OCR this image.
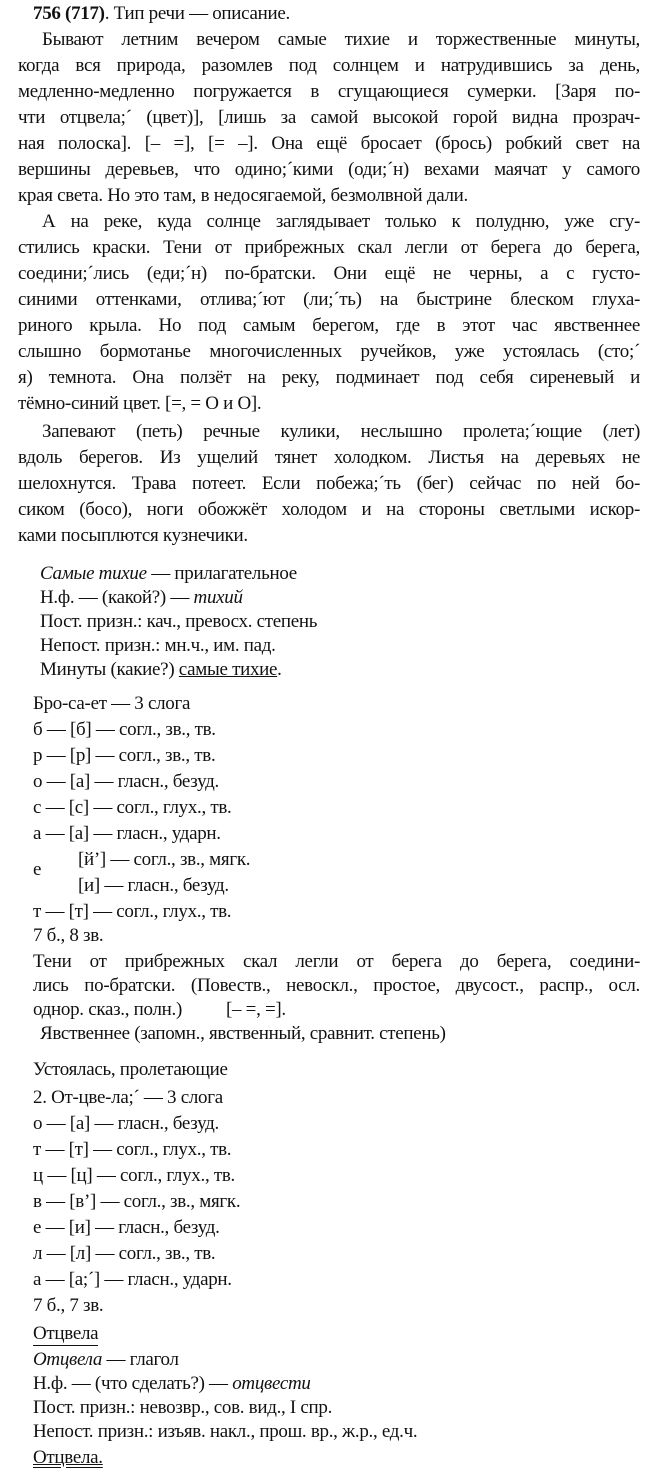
756 (717). Тип речи — описание.
Бывают летним вечером самые тихие и торжественные минуты,
когда вся природа, разомлев под солнцем и натрудившись за день,
медленно-медленно погружается в сгущающиеся сумерки. [Заря по-
чти отцвела;´ (цвет)], [лишь за самой высокой горой видна прозрач-
ная полоска]. [– =], [= –]. Она ещё бросает (брось) робкий свет на
вершины деревьев, что одино;´кими (оди;´н) вехами маячат у самого
края света. Но это там, в недосягаемой, безмолвной дали.
А на реке, куда солнце заглядывает только к полудню, уже сгу-
стились краски. Тени от прибрежных скал легли от берега до берега,
соедини;´лись (еди;´н) по-братски. Они ещё не черны, а с густо-
синими оттенками, отлива;´ют (ли;´ть) на быстрине блеском глуха-
риного крыла. Но под самым берегом, где в этот час явственнее
слышно бормотанье многочисленных ручейков, уже устоялась (сто;´
я) темнота. Она ползёт на реку, подминает под себя сиреневый и
тёмно-синий цвет. [=, = O и O].
Запевают (петь) речные кулики, неслышно пролета;´ющие (лет)
вдоль берегов. Из ущелий тянет холодком. Листья на деревьях не
шелохнутся. Трава потеет. Если побежа;´ть (бег) сейчас по ней бо-
сиком (босо), ноги обожжёт холодом и на стороны светлыми искор-
ками посыплются кузнечики.
Самые тихие — прилагательное
Н.ф. — (какой?) — тихий
Пост. призн.: кач., превосх. степень
Непост. призн.: мн.ч., им. пад.
Минуты (какие?) самые тихие.
Бро-са-ет — 3 слога
б — [б] — согл., зв., тв.
р — [р] — согл., зв., тв.
о — [а] — гласн., безуд.
с — [с] — согл., глух., тв.
а — [а] — гласн., ударн.
е [й’] — согл., зв., мягк.
[и] — гласн., безуд.
т — [т] — согл., глух., тв.
7 б., 8 зв.
Тени от прибрежных скал легли от берега до берега, соедини-
лись по-братски. (Повеств., невоскл., простое, двусост., распр., осл.
однор. сказ., полн.) [– =, =].
Явственнее (запомн., явственный, сравнит. степень)
Устоялась, пролетающие
2. От-цве-ла;´ — 3 слога
о — [а] — гласн., безуд.
т — [т] — согл., глух., тв.
ц — [ц] — согл., глух., тв.
в — [в’] — согл., зв., мягк.
е — [и] — гласн., безуд.
л — [л] — согл., зв., тв.
а — [а;´] — гласн., ударн.
7 б., 7 зв.
Отцвела
Отцвела — глагол
Н.ф. — (что сделать?) — отцвести
Пост. призн.: невозвр., сов. вид., I спр.
Непост. призн.: изъяв. накл., прош. вр., ж.р., ед.ч.
Отцвела.
